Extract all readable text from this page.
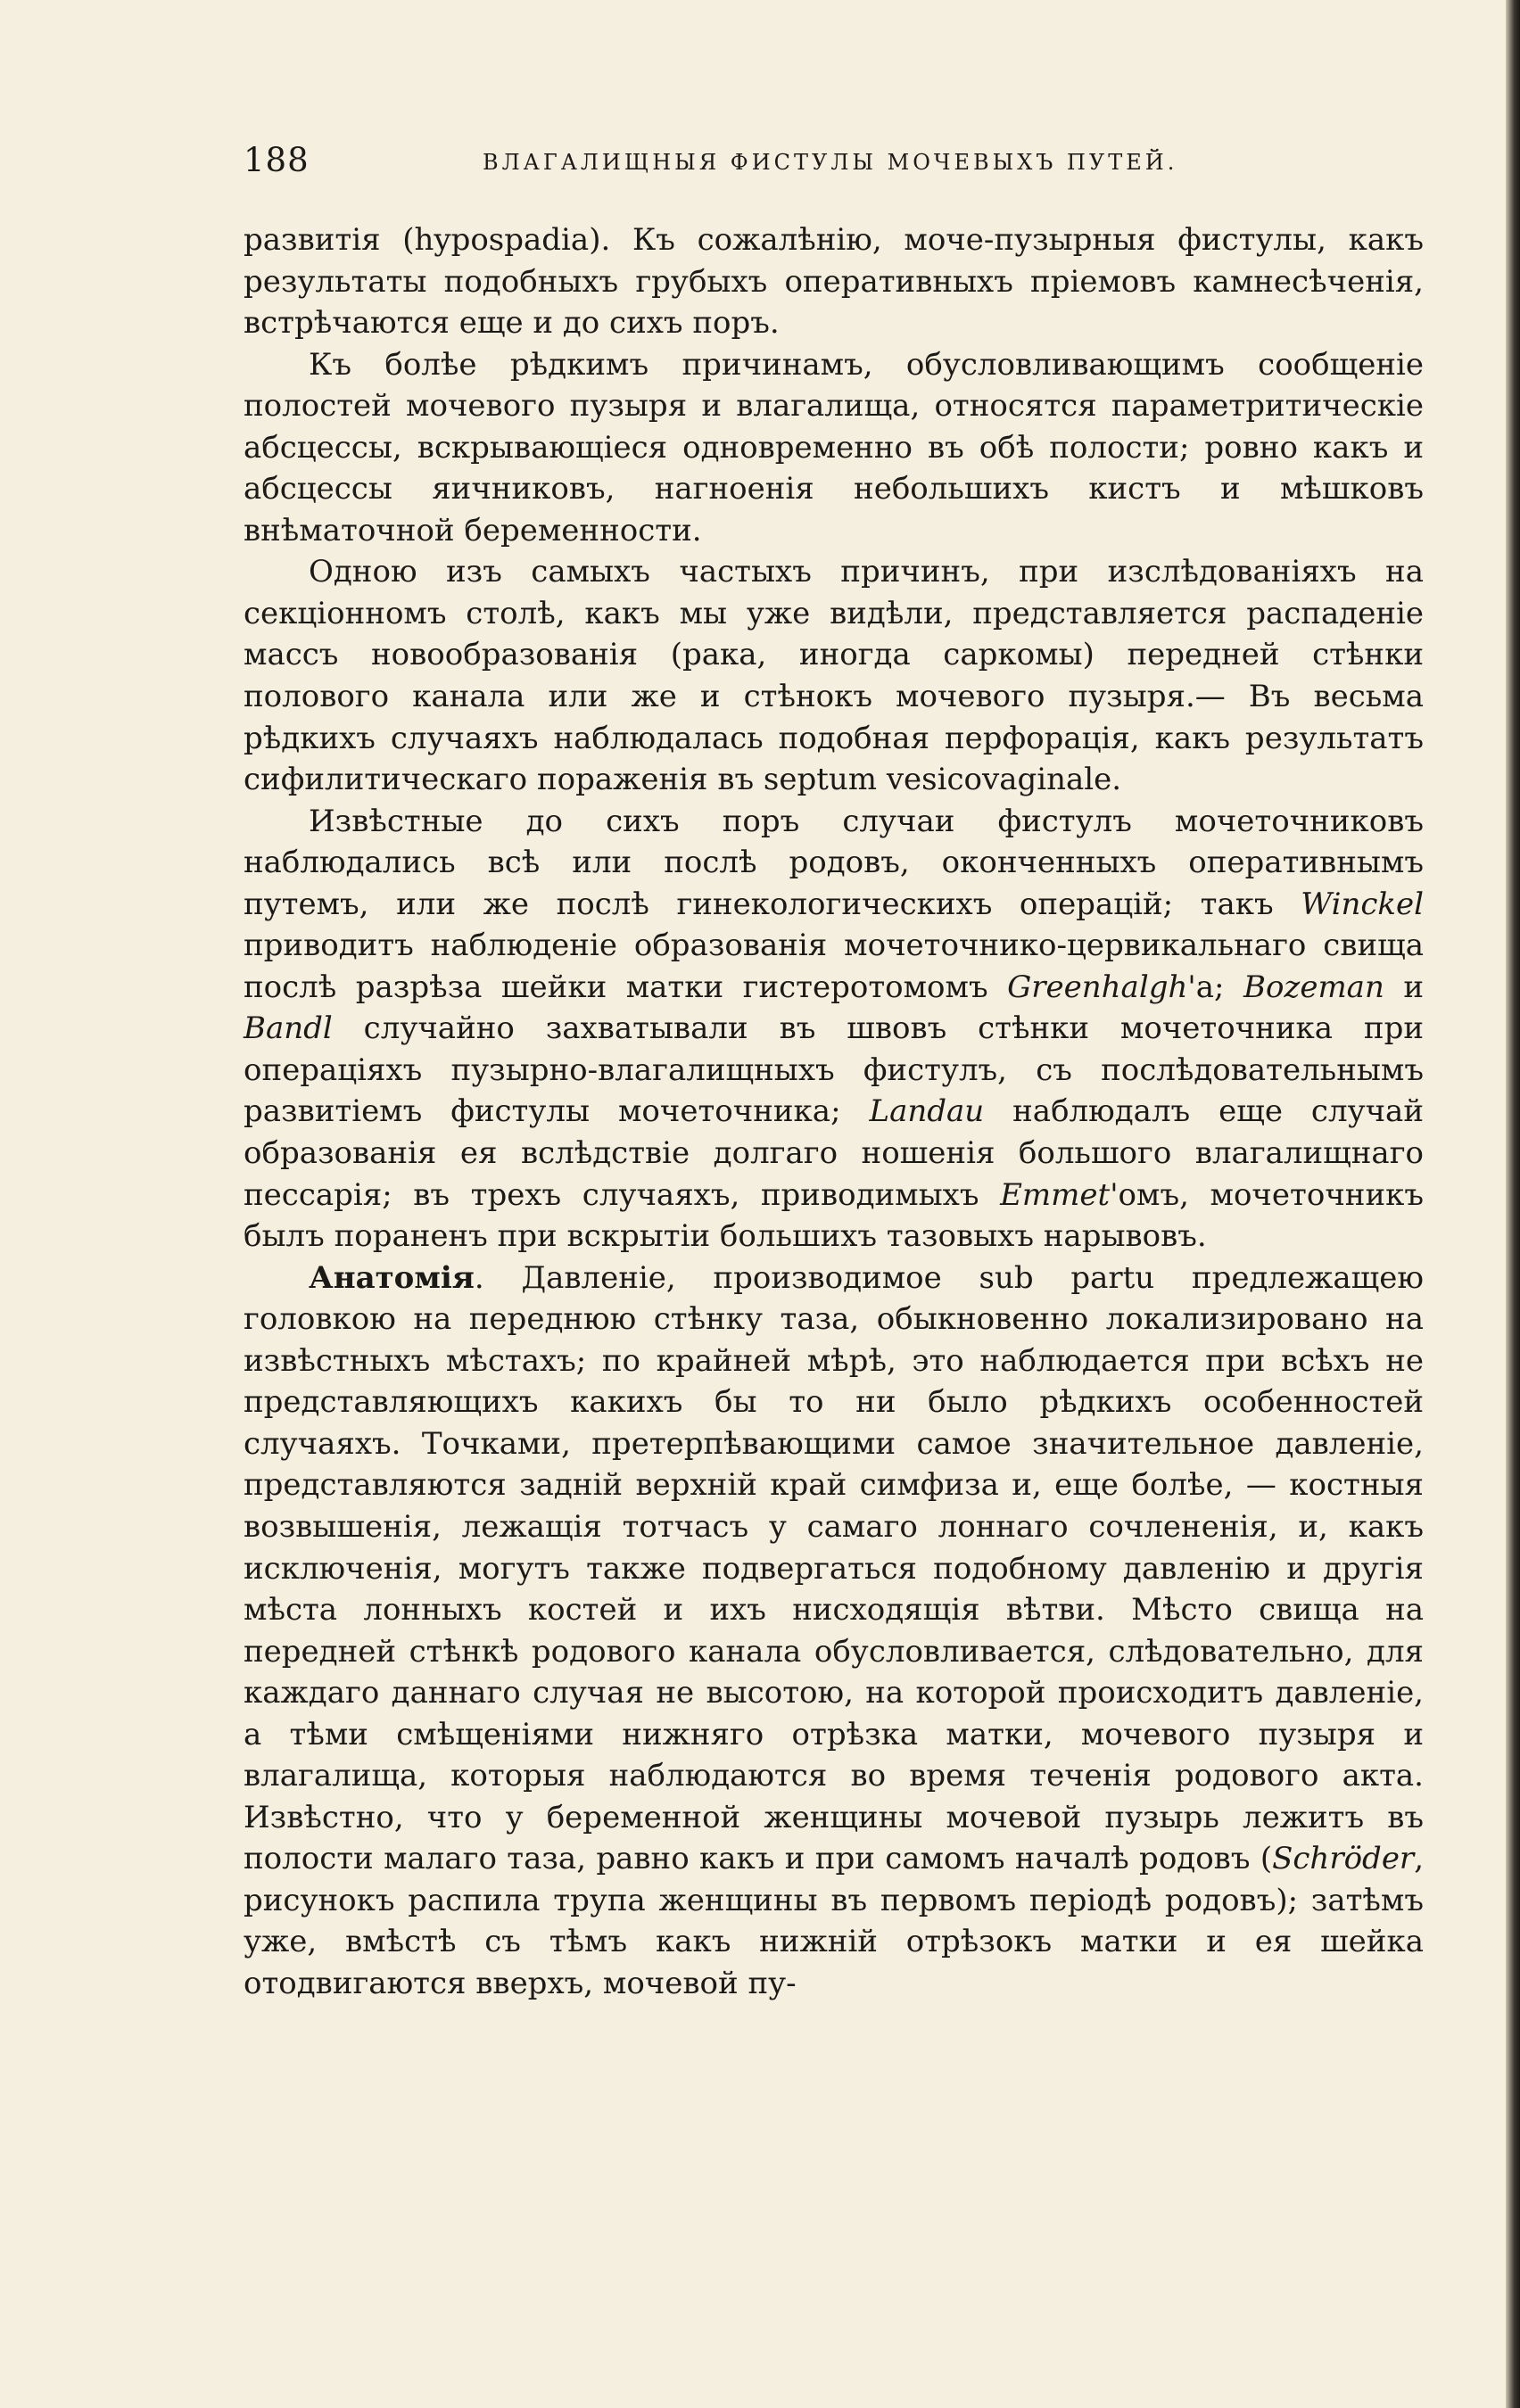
188	ВЛАГАЛИЩНЫЯ ФИСТУЛЫ МОЧЕВЫХЪ ПУТЕЙ.

развитія (hypospadia). Къ сожалѣнію, моче-пузырныя фистулы, какъ результаты подобныхъ грубыхъ оперативныхъ пріемовъ камнесѣченія, встрѣчаются еще и до сихъ поръ.

Къ болѣе рѣдкимъ причинамъ, обусловливающимъ сообщеніе полостей мочевого пузыря и влагалища, относятся параметритическіе абсцессы, вскрывающіеся одновременно въ обѣ полости; ровно какъ и абсцессы яичниковъ, нагноенія небольшихъ кистъ и мѣшковъ внѣматочной беременности.

Одною изъ самыхъ частыхъ причинъ, при изслѣдованіяхъ на секціонномъ столѣ, какъ мы уже видѣли, представляется распаденіе массъ новообразованія (рака, иногда саркомы) передней стѣнки полового канала или же и стѣнокъ мочевого пузыря.— Въ весьма рѣдкихъ случаяхъ наблюдалась подобная перфорація, какъ результатъ сифилитическаго пораженія въ septum vesicovaginale.

Извѣстные до сихъ поръ случаи фистулъ мочеточниковъ наблюдались всѣ или послѣ родовъ, оконченныхъ оперативнымъ путемъ, или же послѣ гинекологическихъ операцій; такъ Winckel приводитъ наблюденіе образованія мочеточнико-цервикальнаго свища послѣ разрѣза шейки матки гистеротомомъ Greenhalgh'а; Bozeman и Bandl случайно захватывали въ швовъ стѣнки мочеточника при операціяхъ пузырно-влагалищныхъ фистулъ, съ послѣдовательнымъ развитіемъ фистулы мочеточника; Landau наблюдалъ еще случай образованія ея вслѣдствіе долгаго ношенія большого влагалищнаго пессарія; въ трехъ случаяхъ, приводимыхъ Emmet'омъ, мочеточникъ былъ пораненъ при вскрытіи большихъ тазовыхъ нарывовъ.

Анатомія. Давленіе, производимое sub partu предлежащею головкою на переднюю стѣнку таза, обыкновенно локализировано на извѣстныхъ мѣстахъ; по крайней мѣрѣ, это наблюдается при всѣхъ не представляющихъ какихъ бы то ни было рѣдкихъ особенностей случаяхъ. Точками, претерпѣвающими самое значительное давленіе, представляются задній верхній край симфиза и, еще болѣе, — костныя возвышенія, лежащія тотчасъ у самаго лоннаго сочлененія, и, какъ исключенія, могутъ также подвергаться подобному давленію и другія мѣста лонныхъ костей и ихъ нисходящія вѣтви. Мѣсто свища на передней стѣнкѣ родового канала обусловливается, слѣдовательно, для каждаго даннаго случая не высотою, на которой происходитъ давленіе, а тѣми смѣщеніями нижняго отрѣзка матки, мочевого пузыря и влагалища, которыя наблюдаются во время теченія родового акта. Извѣстно, что у беременной женщины мочевой пузырь лежитъ въ полости малаго таза, равно какъ и при самомъ началѣ родовъ (Schröder, рисунокъ распила трупа женщины въ первомъ періодѣ родовъ); затѣмъ уже, вмѣстѣ съ тѣмъ какъ нижній отрѣзокъ матки и ея шейка отодвигаются вверхъ, мочевой пу-
